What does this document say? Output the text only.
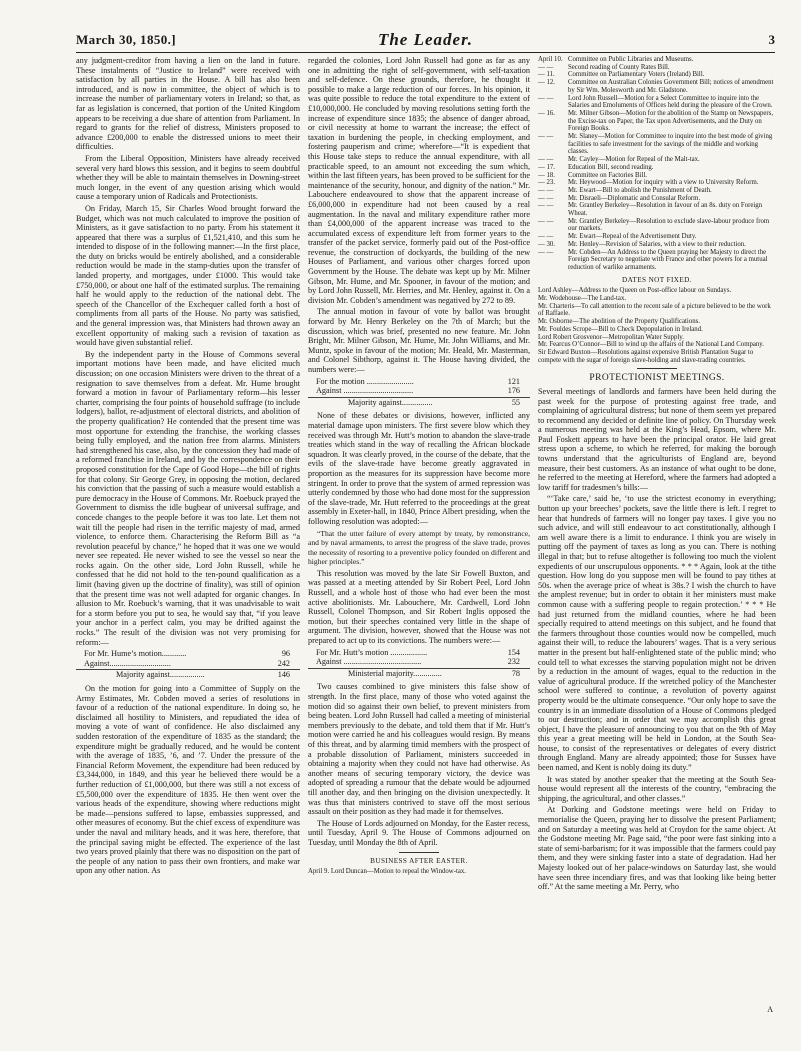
March 30, 1850.]	The Leader.	3

any judgment-creditor from having a lien on the land in future. These instalments of “Justice to Ireland” were received with satisfaction by all parties in the House. A bill has also been introduced, and is now in committee, the object of which is to increase the number of parliamentary voters in Ireland; so that, as far as legislation is concerned, that portion of the United Kingdom appears to be receiving a due share of attention from Parliament. In regard to grants for the relief of distress, Ministers proposed to advance £200,000 to enable the distressed unions to meet their difficulties.

From the Liberal Opposition, Ministers have already received several very hard blows this session, and it begins to seem doubtful whether they will be able to maintain themselves in Downing-street much longer, in the event of any question arising which would cause a temporary union of Radicals and Protectionists.

On Friday, March 15, Sir Charles Wood brought forward the Budget, which was not much calculated to improve the position of Ministers, as it gave satisfaction to no party. From his statement it appeared that there was a surplus of £1,521,410, and this sum he intended to dispose of in the following manner:—In the first place, the duty on bricks would be entirely abolished, and a considerable reduction would be made in the stamp-duties upon the transfer of landed property, and mortgages, under £1000. This would take £750,000, or about one half of the estimated surplus. The remaining half he would apply to the reduction of the national debt. The speech of the Chancellor of the Exchequer called forth a host of compliments from all parts of the House. No party was satisfied, and the general impression was, that Ministers had thrown away an excellent opportunity of making such a revision of taxation as would have given substantial relief.

By the independent party in the House of Commons several important motions have been made, and have elicited much discussion; on one occasion Ministers were driven to the threat of a resignation to save themselves from a defeat. Mr. Hume brought forward a motion in favour of Parliamentary reform—his lesser charter, comprising the four points of household suffrage (to include lodgers), ballot, re-adjustment of electoral districts, and abolition of the property qualification? He contended that the present time was most opportune for extending the franchise, the working classes being fully employed, and the nation free from alarms. Ministers had strengthened his case, also, by the concession they had made of a reformed franchise in Ireland, and by the correspondence on their proposed constitution for the Cape of Good Hope—the bill of rights for that colony. Sir George Grey, in opposing the motion, declared his conviction that the passing of such a measure would establish a pure democracy in the House of Commons. Mr. Roebuck prayed the Government to dismiss the idle bugbear of universal suffrage, and concede changes to the people before it was too late. Let them not wait till the people had risen in the terrific majesty of mad, armed violence, to enforce them. Characterising the Reform Bill as “a revolution peaceful by chance,” he hoped that it was one we would never see repeated. He never wished to see the vessel so near the rocks again. On the other side, Lord John Russell, while he confessed that he did not hold to the ten-pound qualification as a limit (having given up the doctrine of finality), was still of opinion that the present time was not well adapted for organic changes. In allusion to Mr. Roebuck’s warning, that it was unadvisable to wait for a storm before you put to sea, he would say that, “if you leave your anchor in a perfect calm, you may be drifted against the rocks.” The result of the division was not very promising for reform:—

For Mr. Hume’s motion............	96
Against..............................	242
Majority against.................	146

On the motion for going into a Committee of Supply on the Army Estimates, Mr. Cobden moved a series of resolutions in favour of a reduction of the national expenditure. In doing so, he disclaimed all hostility to Ministers, and repudiated the idea of moving a vote of want of confidence. He also disclaimed any sudden restoration of the expenditure of 1835 as the standard; the expenditure might be gradually reduced, and he would be content with the average of 1835, ’6, and ’7. Under the pressure of the Financial Reform Movement, the expenditure had been reduced by £3,344,000, in 1849, and this year he believed there would be a further reduction of £1,000,000, but there was still a not excess of £5,500,000 over the expenditure of 1835. He then went over the various heads of the expenditure, showing where reductions might be made—pensions suffered to lapse, embassies suppressed, and other measures of economy. But the chief excess of expenditure was under the naval and military heads, and it was here, therefore, that the principal saving might be effected. The experience of the last two years proved plainly that there was no disposition on the part of the people of any nation to pass their own frontiers, and make war upon any other nation. As

regarded the colonies, Lord John Russell had gone as far as any one in admitting the right of self-government, with self-taxation and self-defence. On these grounds, therefore, he thought it possible to make a large reduction of our forces. In his opinion, it was quite possible to reduce the total expenditure to the extent of £10,000,000. He concluded by moving resolutions setting forth the increase of expenditure since 1835; the absence of danger abroad, or civil necessity at home to warrant the increase; the effect of taxation in burdening the people, in checking employment, and fostering pauperism and crime; wherefore—“It is expedient that this House take steps to reduce the annual expenditure, with all practicable speed, to an amount not exceeding the sum which, within the last fifteen years, has been proved to be sufficient for the maintenance of the security, honour, and dignity of the nation.” Mr. Labouchere endeavoured to show that the apparent increase of £6,000,000 in expenditure had not been caused by a real augmentation. In the naval and military expenditure rather more than £4,000,000 of the apparent increase was traced to the accumulated excess of expenditure left from former years to the transfer of the packet service, formerly paid out of the Post-office revenue, the construction of dockyards, the building of the new Houses of Parliament, and various other charges forced upon Government by the House. The debate was kept up by Mr. Milner Gibson, Mr. Hume, and Mr. Spooner, in favour of the motion; and by Lord John Russell, Mr. Herries, and Mr. Henley, against it. On a division Mr. Cobden’s amendment was negatived by 272 to 89.

The annual motion in favour of vote by ballot was brought forward by Mr. Henry Berkeley on the 7th of March; but the discussion, which was brief, presented no new feature. Mr. John Bright, Mr. Milner Gibson, Mr. Hume, Mr. John Williams, and Mr. Muntz, spoke in favour of the motion; Mr. Heald, Mr. Masterman, and Colonel Sibthorp, against it. The House having divided, the numbers were:—

For the motion .......................	121
Against ..................................	176
Majority against...............	55

None of these debates or divisions, however, inflicted any material damage upon ministers. The first severe blow which they received was through Mr. Hutt’s motion to abandon the slave-trade treaties which stand in the way of recalling the African blockade squadron. It was clearly proved, in the course of the debate, that the evils of the slave-trade have become greatly aggravated in proportion as the measures for its suppression have become more stringent. In order to prove that the system of armed repression was utterly condemned by those who had done most for the suppression of the slave-trade, Mr. Hutt referred to the proceedings at the great assembly in Exeter-hall, in 1840, Prince Albert presiding, when the following resolution was adopted:—

“That the utter failure of every attempt by treaty, by remonstrance, and by naval armaments, to arrest the progress of the slave trade, proves the necessity of resorting to a preventive policy founded on different and higher principles.”

This resolution was moved by the late Sir Fowell Buxton, and was passed at a meeting attended by Sir Robert Peel, Lord John Russell, and a whole host of those who had ever been the most active abolitionists. Mr. Labouchere, Mr. Cardwell, Lord John Russell, Colonel Thompson, and Sir Robert Inglis opposed the motion, but their speeches contained very little in the shape of argument. The division, however, showed that the House was not prepared to act up to its convictions. The numbers were:—

For Mr. Hutt’s motion ..................	154
Against ......................................	232
Ministerial majority..............	78

Two causes combined to give ministers this false show of strength. In the first place, many of those who voted against the motion did so against their own belief, to prevent ministers from being beaten. Lord John Russell had called a meeting of ministerial members previously to the debate, and told them that if Mr. Hutt’s motion were carried he and his colleagues would resign. By means of this threat, and by alarming timid members with the prospect of a probable dissolution of Parliament, ministers succeeded in obtaining a majority when they could not have had otherwise. As another means of securing temporary victory, the device was adopted of spreading a rumour that the debate would be adjourned till another day, and then bringing on the division unexpectedly. It was thus that ministers contrived to stave off the most serious assault on their position as they had made it for themselves.

The House of Lords adjourned on Monday, for the Easter recess, until Tuesday, April 9. The House of Commons adjourned on Tuesday, until Monday the 8th of April.

BUSINESS AFTER EASTER.
April 9. Lord Duncan—Motion to repeal the Window-tax.
April 10. Committee on Public Libraries and Museums.
— —	Second reading of County Rates Bill.
— 11.	Committee on Parliamentary Voters (Ireland) Bill.
— 12.	Committee on Australian Colonies Government Bill; notices of amendment by Sir Wm. Molesworth and Mr. Gladstone.
— —	Lord John Russell—Motion for a Select Committee to inquire into the Salaries and Emoluments of Offices held during the pleasure of the Crown.
— 16.	Mr. Milner Gibson—Motion for the abolition of the Stamp on Newspapers, the Excise-tax on Paper, the Tax upon Advertisements, and the Duty on Foreign Books.
— —	Mr. Slaney—Motion for Committee to inquire into the best mode of giving facilities to safe investment for the savings of the middle and working classes.
— —	Mr. Cayley—Motion for Repeal of the Malt-tax.
— 17.	Education Bill, second reading.
— 18.	Committee on Factories Bill.
— 23.	Mr. Heywood—Motion for inquiry with a view to University Reform.
— —	Mr. Ewart—Bill to abolish the Punishment of Death.
— —	Mr. Disraeli—Diplomatic and Consular Reform.
— —	Mr. Grantley Berkeley—Resolution in favour of an 8s. duty on Foreign Wheat.
— —	Mr. Grantley Berkeley—Resolution to exclude slave-labour produce from our markets.
— —	Mr. Ewart—Repeal of the Advertisement Duty.
— 30.	Mr. Henley—Revision of Salaries, with a view to their reduction.
— —	Mr. Cobden—An Address to the Queen praying her Majesty to direct the Foreign Secretary to negotiate with France and other powers for a mutual reduction of warlike armaments.
DATES NOT FIXED.
Lord Ashley—Address to the Queen on Post-office labour on Sundays.
Mr. Wodehouse—The Land-tax.
Mr. Charteris—To call attention to the recent sale of a picture believed to be the work of Raffaele.
Mr. Osborne—The abolition of the Property Qualifications.
Mr. Fouldes Scrope—Bill to Check Depopulation in Ireland.
Lord Robert Grosvenor—Metropolitan Water Supply.
Mr. Fearcus O’Connor—Bill to wind up the affairs of the National Land Company.
Sir Edward Buxton—Resolutions against expensive British Plantation Sugar to compete with the sugar of foreign slave-holding and slave-trading countries.
PROTECTIONIST MEETINGS.

Several meetings of landlords and farmers have been held during the past week for the purpose of protesting against free trade, and complaining of agricultural distress; but none of them seem yet prepared to recommend any decided or definite line of policy. On Thursday week a numerous meeting was held at the King’s Head, Epsom, where Mr. Paul Foskett appears to have been the principal orator. He laid great stress upon a scheme, to which he referred, for making the borough towns understand that the agriculturists of England are, beyond measure, their best customers. As an instance of what ought to be done, he referred to the meeting at Hereford, where the farmers had adopted a low tariff for tradesmen’s bills:—

“‘Take care,’ said he, ‘to use the strictest economy in everything; button up your breeches’ pockets, save the little there is left. I regret to hear that hundreds of farmers will no longer pay taxes. I give you no such advice, and will still endeavour to act constitutionally, although I am well aware there is a limit to endurance. I think you are wisely in putting off the payment of taxes as long as you can. There is nothing illegal in that; but to refuse altogether is following too much the violent expedients of our unscrupulous opponents. * * * Again, look at the tithe question. How long do you suppose men will be found to pay tithes at 50s. when the average price of wheat is 38s.? I wish the church to have the amplest revenue; but in order to obtain it her ministers must make common cause with a suffering people to regain protection.’ * * * He had just returned from the midland counties, where he had been specially required to attend meetings on this subject, and he found that the farmers throughout those counties would now be compelled, much against their will, to reduce the labourers’ wages. That is a very serious matter in the present but half-enlightened state of the public mind; who could tell to what excesses the starving population might not be driven by a reduction in the amount of wages, equal to the reduction in the value of agricultural produce. If the wretched policy of the Manchester school were suffered to continue, a revolution of poverty against property would be the ultimate consequence. “Our only hope to save the country is in an immediate dissolution of a House of Commons pledged to our destruction; and in order that we may accomplish this great object, I have the pleasure of announcing to you that on the 9th of May this year a great meeting will be held in London, at the South Sea-house, to consist of the representatives or delegates of every district through England. Many are already appointed; those for Sussex have been named, and Kent is nobly doing its duty.”

It was stated by another speaker that the meeting at the South Sea-house would represent all the interests of the country, “embracing the shipping, the agricultural, and other classes.”

At Dorking and Godstone meetings were held on Friday to memorialise the Queen, praying her to dissolve the present Parliament; and on Saturday a meeting was held at Croydon for the same object. At the Godstone meeting Mr. Page said, “the poor were fast sinking into a state of semi-barbarism; for it was impossible that the farmers could pay them, and they were sinking faster into a state of degradation. Had her Majesty looked out of her palace-windows on Saturday last, she would have seen three incendiary fires, and was that looking like being better off.” At the same meeting a Mr. Perry, who

A
